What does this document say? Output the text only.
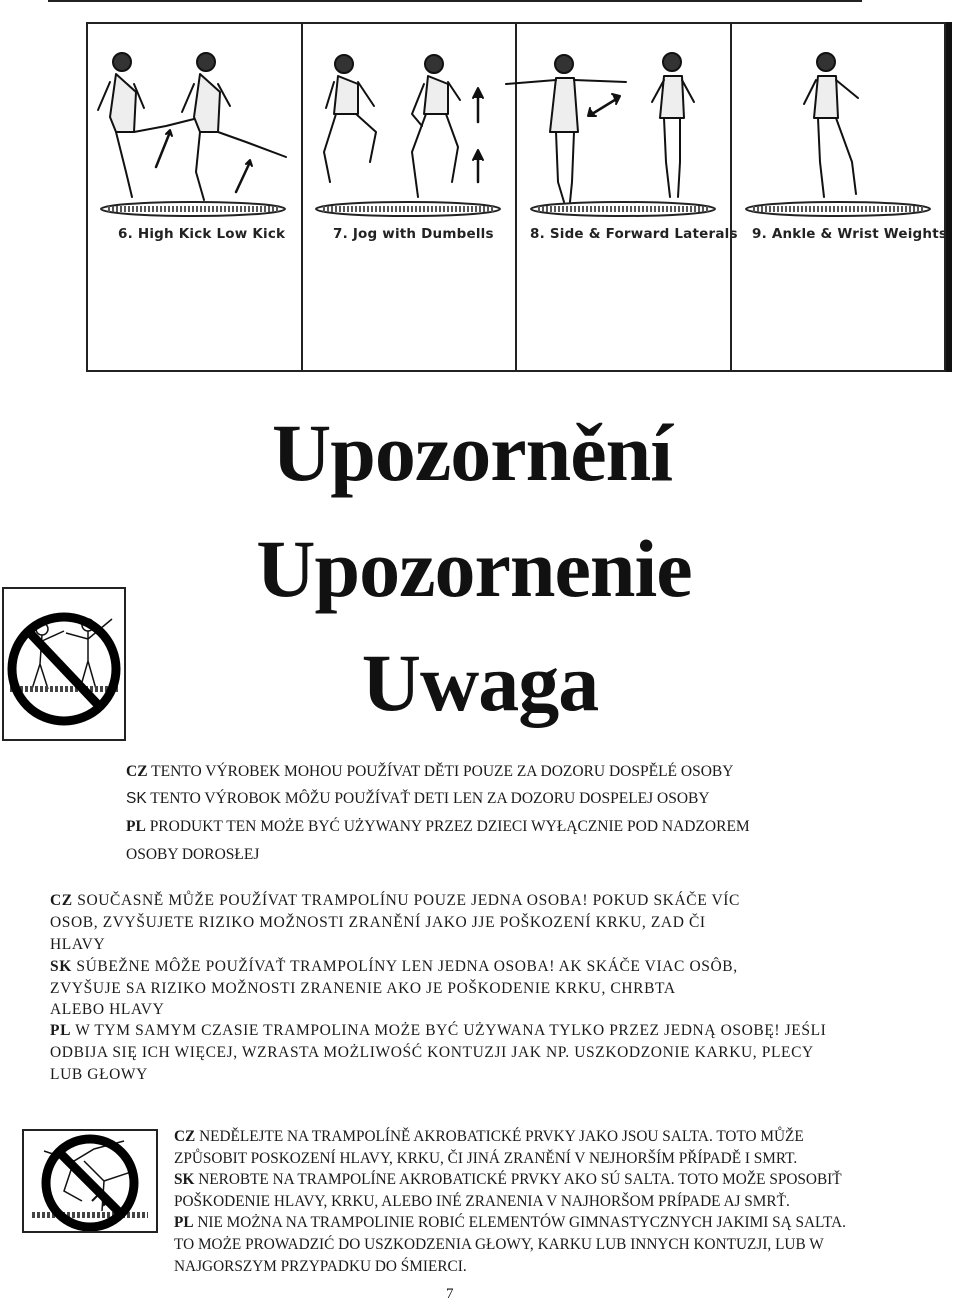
6. High Kick Low Kick	7. Jog with Dumbells	8. Side & Forward Laterals 9. Ankle & Wrist Weights
Upozornění
Upozornenie
Uwaga
CZ TENTO VÝROBEK MOHOU POUŽÍVAT DĚTI POUZE ZA DOZORU DOSPĚLÉ OSOBY
SK TENTO VÝROBOK MÔŽU POUŽÍVAŤ DETI LEN ZA DOZORU DOSPELEJ OSOBY
PL PRODUKT TEN MOŻE BYĆ UŻYWANY PRZEZ DZIECI WYŁĄCZNIE POD NADZOREM
OSOBY DOROSŁEJ
CZ SOUČASNĚ MŮŽE POUŽÍVAT TRAMPOLÍNU POUZE JEDNA OSOBA! POKUD SKÁČE VÍC
OSOB, ZVYŠUJETE RIZIKO MOŽNOSTI ZRANĚNÍ JAKO JJE POŠKOZENÍ KRKU, ZAD ČI
HLAVY
SK SÚBEŽNE MÔŽE POUŽÍVAŤ TRAMPOLÍNY LEN JEDNA OSOBA! AK SKÁČE VIAC OSÔB,
ZVYŠUJE SA RIZIKO MOŽNOSTI ZRANENIE AKO JE POŠKODENIE KRKU, CHRBTA
ALEBO HLAVY
PL W TYM SAMYM CZASIE TRAMPOLINA MOŻE BYĆ UŻYWANA TYLKO PRZEZ JEDNĄ OSOBĘ! JEŚLI
ODBIJA SIĘ ICH WIĘCEJ, WZRASTA MOŻLIWOŚĆ KONTUZJI JAK NP. USZKODZONIE KARKU, PLECY
LUB GŁOWY
CZ NEDĚLEJTE NA TRAMPOLÍNĚ AKROBATICKÉ PRVKY JAKO JSOU SALTA. TOTO MŮŽE
ZPŮSOBIT POSKOZENÍ HLAVY, KRKU, ČI JINÁ ZRANĚNÍ V NEJHORŠÍM PŘÍPADĚ I SMRT.
SK NEROBTE NA TRAMPOLÍNE AKROBATICKÉ PRVKY AKO SÚ SALTA. TOTO MOŽE SPOSOBIŤ
POŠKODENIE HLAVY, KRKU, ALEBO INÉ ZRANENIA V NAJHORŠOM PRÍPADE AJ SMRŤ.
PL NIE MOŻNA NA TRAMPOLINIE ROBIĆ ELEMENTÓW GIMNASTYCZNYCH JAKIMI SĄ SALTA.
TO MOŻE PROWADZIĆ DO USZKODZENIA GŁOWY, KARKU LUB INNYCH KONTUZJI, LUB W
NAJGORSZYM PRZYPADKU DO ŚMIERCI.
7
